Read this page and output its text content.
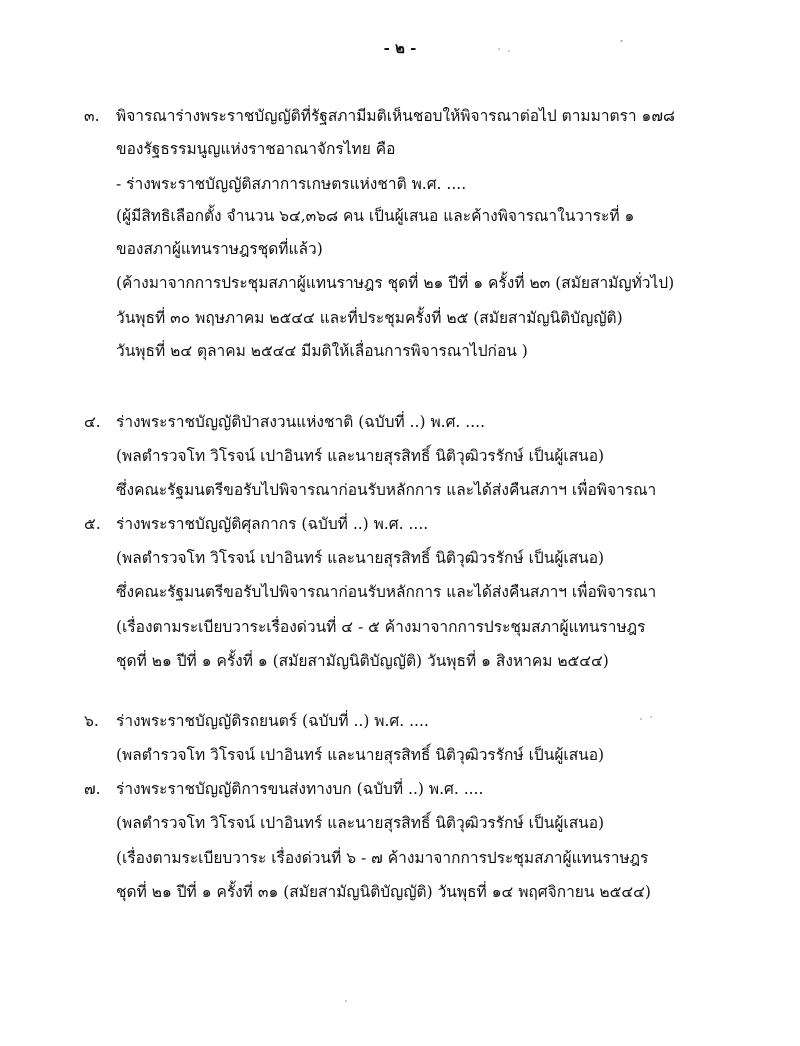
- ๒ -
๓. พิจารณาร่างพระราชบัญญัติที่รัฐสภามีมติเห็นชอบให้พิจารณาต่อไป ตามมาตรา ๑๗๘
ของรัฐธรรมนูญแห่งราชอาณาจักรไทย คือ
- ร่างพระราชบัญญัติสภาการเกษตรแห่งชาติ พ.ศ. ....
(ผู้มีสิทธิเลือกตั้ง จำนวน ๖๔,๓๖๘ คน เป็นผู้เสนอ และค้างพิจารณาในวาระที่ ๑
ของสภาผู้แทนราษฎรชุดที่แล้ว)
(ค้างมาจากการประชุมสภาผู้แทนราษฎร ชุดที่ ๒๑ ปีที่ ๑ ครั้งที่ ๒๓ (สมัยสามัญทั่วไป)
วันพุธที่ ๓๐ พฤษภาคม ๒๕๔๔ และที่ประชุมครั้งที่ ๒๕ (สมัยสามัญนิติบัญญัติ)
วันพุธที่ ๒๔ ตุลาคม ๒๕๔๔ มีมติให้เลื่อนการพิจารณาไปก่อน )
๔. ร่างพระราชบัญญัติป่าสงวนแห่งชาติ (ฉบับที่ ..) พ.ศ. ....
(พลตำรวจโท วิโรจน์ เปาอินทร์ และนายสุรสิทธิ์ นิติวุฒิวรรักษ์ เป็นผู้เสนอ)
ซึ่งคณะรัฐมนตรีขอรับไปพิจารณาก่อนรับหลักการ และได้ส่งคืนสภาฯ เพื่อพิจารณา
๕. ร่างพระราชบัญญัติศุลกากร (ฉบับที่ ..) พ.ศ. ....
(พลตำรวจโท วิโรจน์ เปาอินทร์ และนายสุรสิทธิ์ นิติวุฒิวรรักษ์ เป็นผู้เสนอ)
ซึ่งคณะรัฐมนตรีขอรับไปพิจารณาก่อนรับหลักการ และได้ส่งคืนสภาฯ เพื่อพิจารณา
(เรื่องตามระเบียบวาระเรื่องด่วนที่ ๔ - ๕ ค้างมาจากการประชุมสภาผู้แทนราษฎร
ชุดที่ ๒๑ ปีที่ ๑ ครั้งที่ ๑ (สมัยสามัญนิติบัญญัติ) วันพุธที่ ๑ สิงหาคม ๒๕๔๔)
๖. ร่างพระราชบัญญัติรถยนตร์ (ฉบับที่ ..) พ.ศ. ....
(พลตำรวจโท วิโรจน์ เปาอินทร์ และนายสุรสิทธิ์ นิติวุฒิวรรักษ์ เป็นผู้เสนอ)
๗. ร่างพระราชบัญญัติการขนส่งทางบก (ฉบับที่ ..) พ.ศ. ....
(พลตำรวจโท วิโรจน์ เปาอินทร์ และนายสุรสิทธิ์ นิติวุฒิวรรักษ์ เป็นผู้เสนอ)
(เรื่องตามระเบียบวาระ เรื่องด่วนที่ ๖ - ๗ ค้างมาจากการประชุมสภาผู้แทนราษฎร
ชุดที่ ๒๑ ปีที่ ๑ ครั้งที่ ๓๑ (สมัยสามัญนิติบัญญัติ) วันพุธที่ ๑๔ พฤศจิกายน ๒๕๔๔)
